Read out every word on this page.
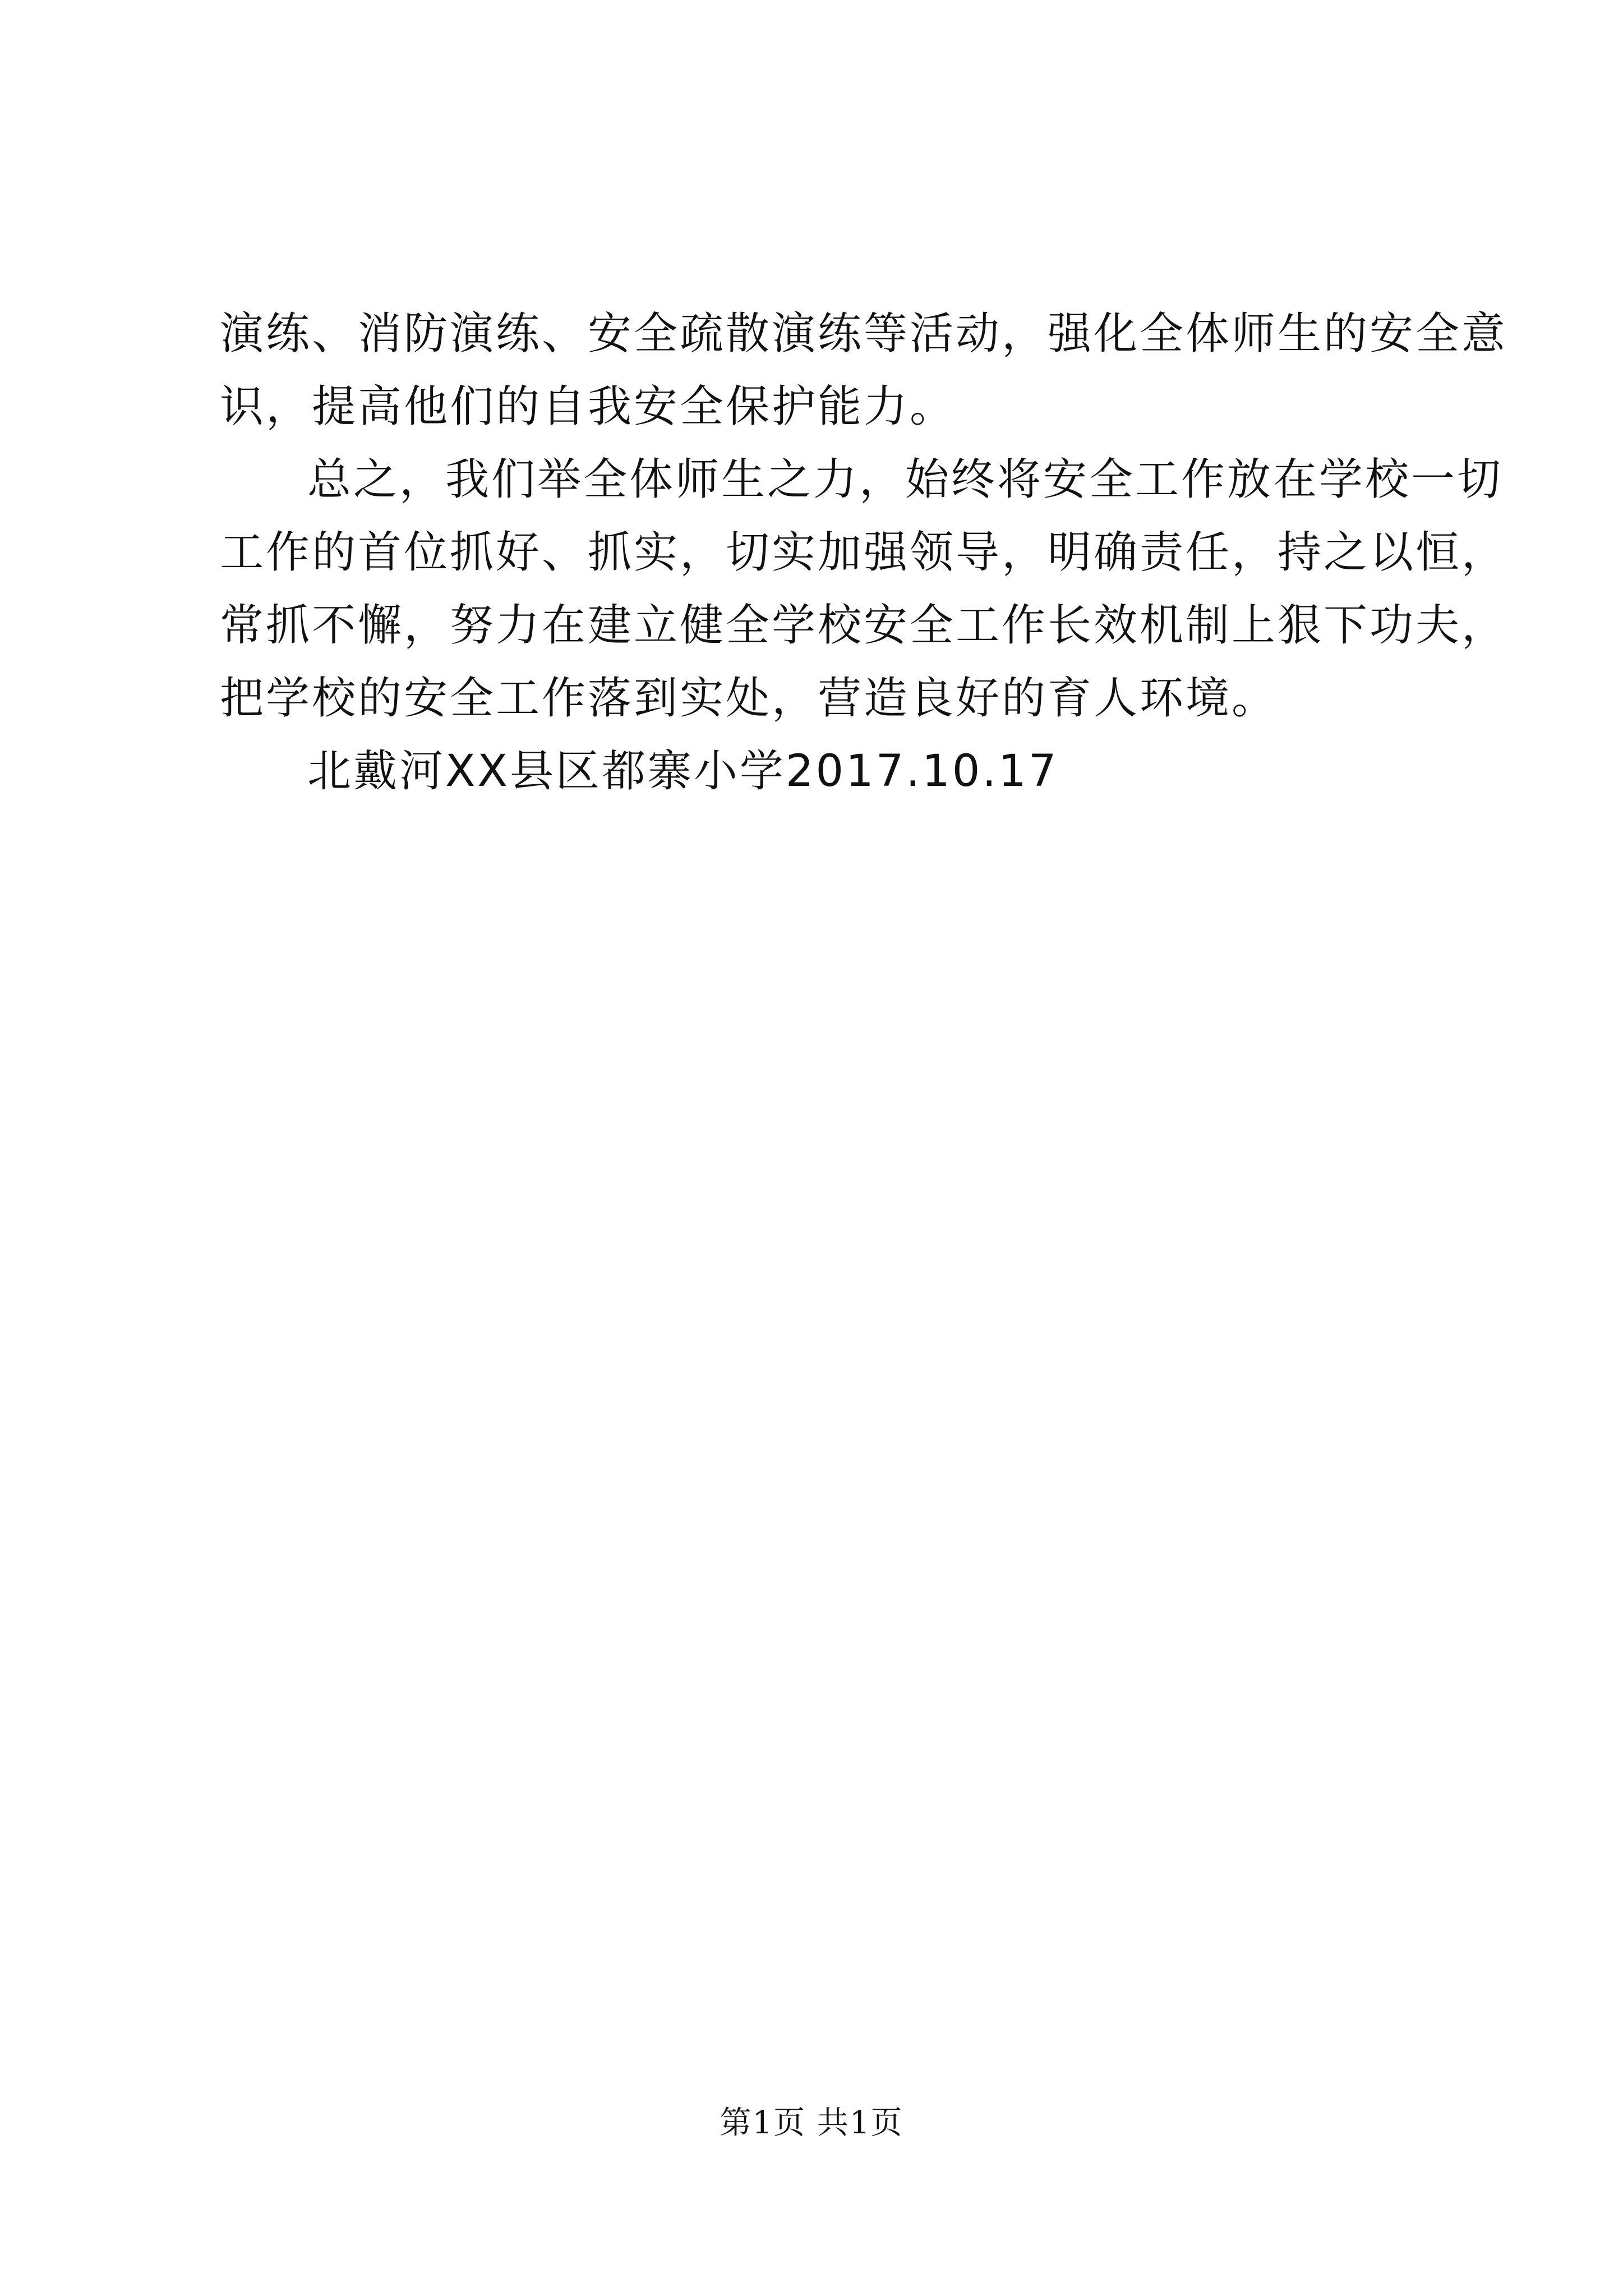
演练、消防演练、安全疏散演练等活动，强化全体师生的安全意
识，提高他们的自我安全保护能力。
总之，我们举全体师生之力，始终将安全工作放在学校一切
工作的首位抓好、抓实，切实加强领导，明确责任，持之以恒，
常抓不懈，努力在建立健全学校安全工作长效机制上狠下功夫，
把学校的安全工作落到实处，营造良好的育人环境。
北戴河XX县区都寨小学2017.10.17
第1页 共1页
